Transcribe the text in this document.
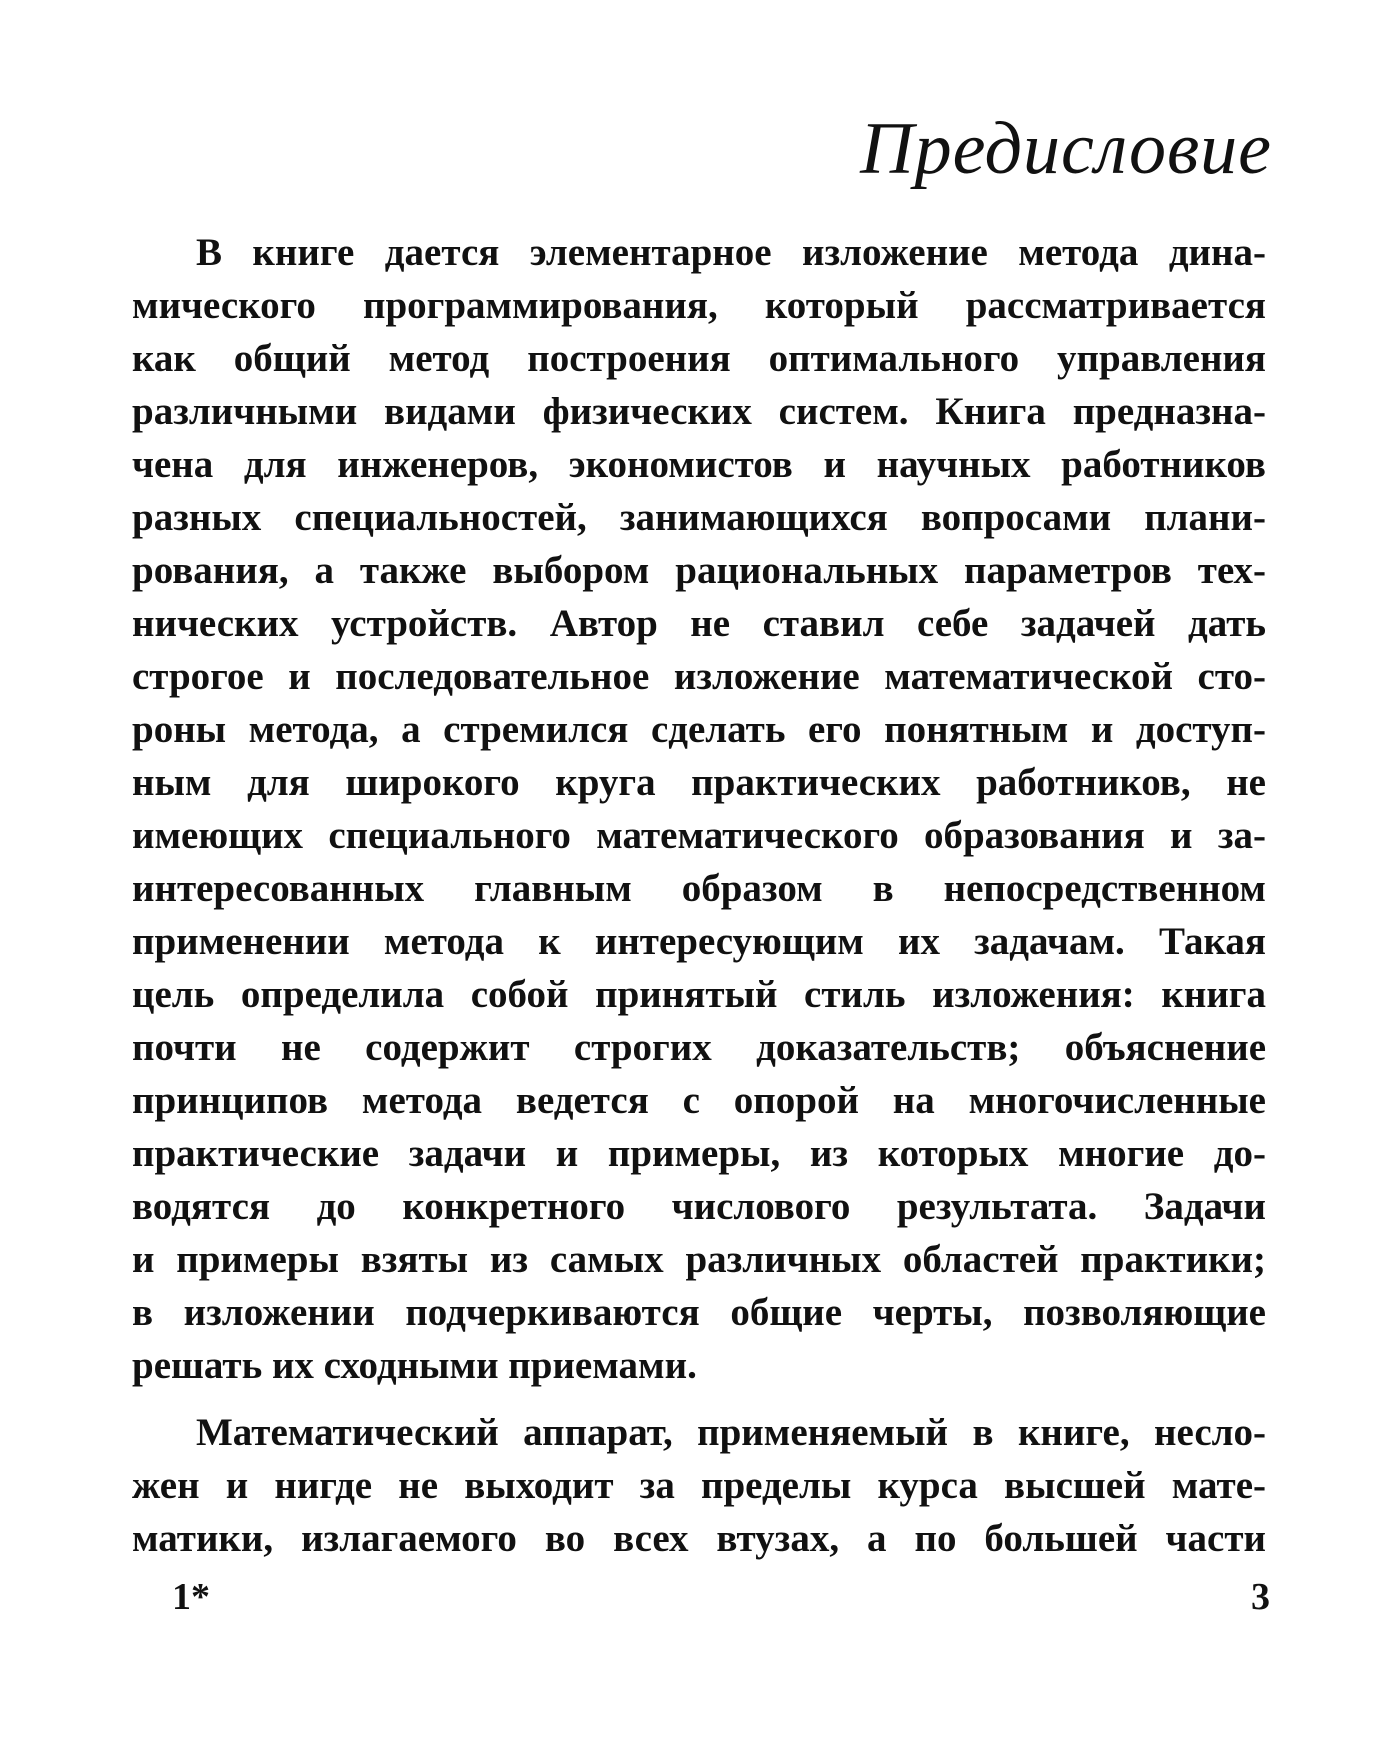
Предисловие
В книге дается элементарное изложение метода дина-
мического программирования, который рассматривается
как общий метод построения оптимального управления
различными видами физических систем. Книга предназна-
чена для инженеров, экономистов и научных работников
разных специальностей, занимающихся вопросами плани-
рования, а также выбором рациональных параметров тех-
нических устройств. Автор не ставил себе задачей дать
строгое и последовательное изложение математической сто-
роны метода, а стремился сделать его понятным и доступ-
ным для широкого круга практических работников, не
имеющих специального математического образования и за-
интересованных главным образом в непосредственном
применении метода к интересующим их задачам. Такая
цель определила собой принятый стиль изложения: книга
почти не содержит строгих доказательств; объяснение
принципов метода ведется с опорой на многочисленные
практические задачи и примеры, из которых многие до-
водятся до конкретного числового результата. Задачи
и примеры взяты из самых различных областей практики;
в изложении подчеркиваются общие черты, позволяющие
решать их сходными приемами.
Математический аппарат, применяемый в книге, несло-
жен и нигде не выходит за пределы курса высшей мате-
матики, излагаемого во всех втузах, а по большей части
1*	3
